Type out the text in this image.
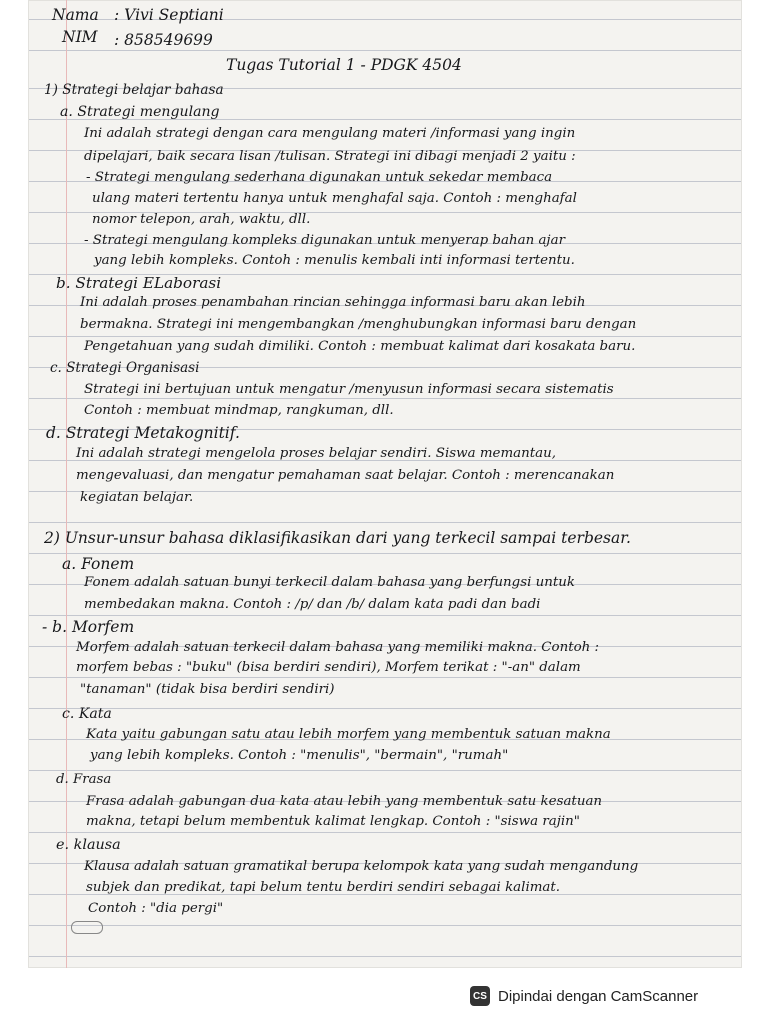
Nama : Vivi Septiani
NIM : 858549699
Tugas Tutorial 1 - PDGK 4504
1) Strategi belajar bahasa
a. Strategi mengulang
Ini adalah strategi dengan cara mengulang materi /informasi yang ingin
dipelajari, baik secara lisan /tulisan. Strategi ini dibagi menjadi 2 yaitu :
- Strategi mengulang sederhana digunakan untuk sekedar membaca
ulang materi tertentu hanya untuk menghafal saja. Contoh : menghafal
nomor telepon, arah, waktu, dll.
- Strategi mengulang kompleks digunakan untuk menyerap bahan ajar
yang lebih kompleks. Contoh : menulis kembali inti informasi tertentu.
b. Strategi ELaborasi
Ini adalah proses penambahan rincian sehingga informasi baru akan lebih
bermakna. Strategi ini mengembangkan /menghubungkan informasi baru dengan
Pengetahuan yang sudah dimiliki. Contoh : membuat kalimat dari kosakata baru.
c. Strategi Organisasi
Strategi ini bertujuan untuk mengatur /menyusun informasi secara sistematis
Contoh : membuat mindmap, rangkuman, dll.
d. Strategi Metakognitif.
Ini adalah strategi mengelola proses belajar sendiri. Siswa memantau,
mengevaluasi, dan mengatur pemahaman saat belajar. Contoh : merencanakan
kegiatan belajar.
2) Unsur-unsur bahasa diklasifikasikan dari yang terkecil sampai terbesar.
a. Fonem
Fonem adalah satuan bunyi terkecil dalam bahasa yang berfungsi untuk
membedakan makna. Contoh : /p/ dan /b/ dalam kata padi dan badi
- b. Morfem
Morfem adalah satuan terkecil dalam bahasa yang memiliki makna. Contoh :
morfem bebas : "buku" (bisa berdiri sendiri), Morfem terikat : "-an" dalam
"tanaman" (tidak bisa berdiri sendiri)
c. Kata
Kata yaitu gabungan satu atau lebih morfem yang membentuk satuan makna
yang lebih kompleks. Contoh : "menulis", "bermain", "rumah"
d. Frasa
Frasa adalah gabungan dua kata atau lebih yang membentuk satu kesatuan
makna, tetapi belum membentuk kalimat lengkap. Contoh : "siswa rajin"
e. klausa
Klausa adalah satuan gramatikal berupa kelompok kata yang sudah mengandung
subjek dan predikat, tapi belum tentu berdiri sendiri sebagai kalimat.
Contoh : "dia pergi"

CS Dipindai dengan CamScanner
